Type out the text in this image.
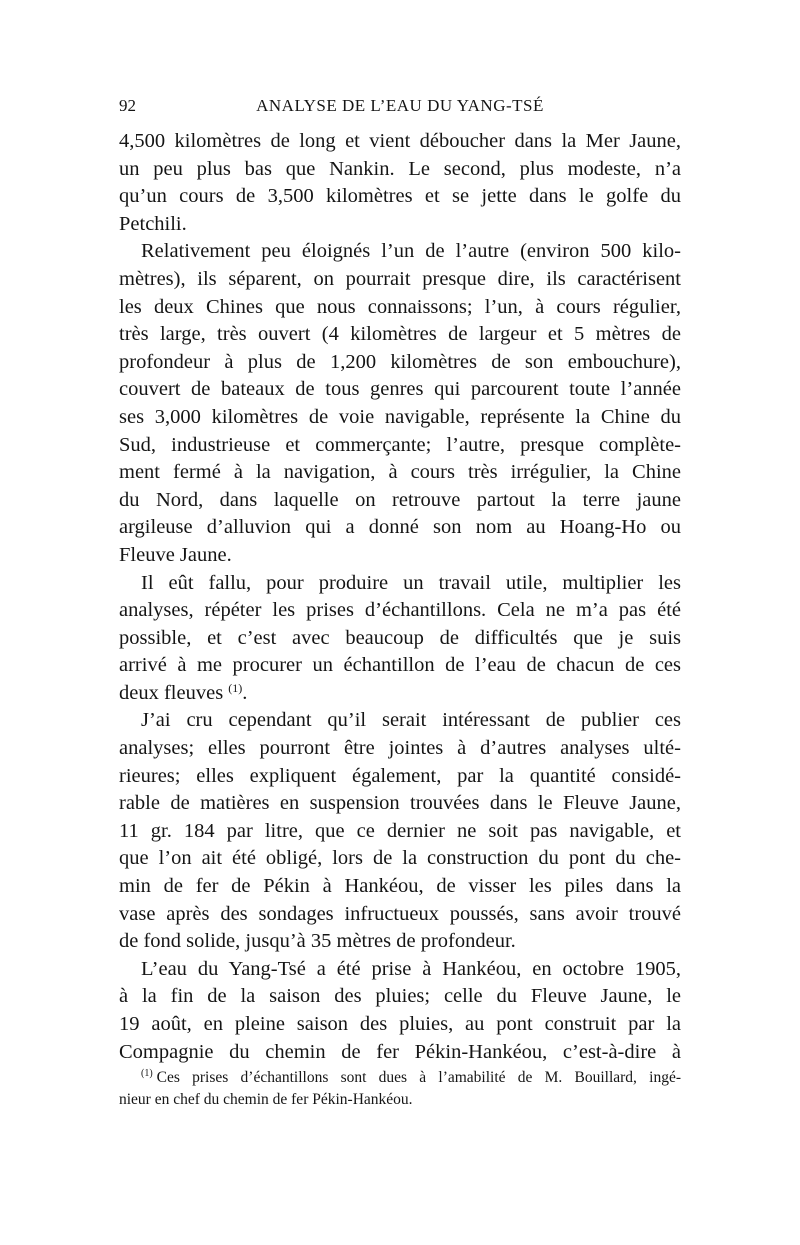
92	ANALYSE DE L’EAU DU YANG-TSÉ
4,500 kilomètres de long et vient déboucher dans la Mer Jaune,
un peu plus bas que Nankin. Le second, plus modeste, n’a
qu’un cours de 3,500 kilomètres et se jette dans le golfe du
Petchili.
Relativement peu éloignés l’un de l’autre (environ 500 kilo-
mètres), ils séparent, on pourrait presque dire, ils caractérisent
les deux Chines que nous connaissons; l’un, à cours régulier,
très large, très ouvert (4 kilomètres de largeur et 5 mètres de
profondeur à plus de 1,200 kilomètres de son embouchure),
couvert de bateaux de tous genres qui parcourent toute l’année
ses 3,000 kilomètres de voie navigable, représente la Chine du
Sud, industrieuse et commerçante; l’autre, presque complète-
ment fermé à la navigation, à cours très irrégulier, la Chine
du Nord, dans laquelle on retrouve partout la terre jaune
argileuse d’alluvion qui a donné son nom au Hoang-Ho ou
Fleuve Jaune.
Il eût fallu, pour produire un travail utile, multiplier les
analyses, répéter les prises d’échantillons. Cela ne m’a pas été
possible, et c’est avec beaucoup de difficultés que je suis
arrivé à me procurer un échantillon de l’eau de chacun de ces
deux fleuves $^{(1)}$.
J’ai cru cependant qu’il serait intéressant de publier ces
analyses; elles pourront être jointes à d’autres analyses ulté-
rieures; elles expliquent également, par la quantité considé-
rable de matières en suspension trouvées dans le Fleuve Jaune,
11 gr. 184 par litre, que ce dernier ne soit pas navigable, et
que l’on ait été obligé, lors de la construction du pont du che-
min de fer de Pékin à Hankéou, de visser les piles dans la
vase après des sondages infructueux poussés, sans avoir trouvé
de fond solide, jusqu’à 35 mètres de profondeur.
L’eau du Yang-Tsé a été prise à Hankéou, en octobre 1905,
à la fin de la saison des pluies; celle du Fleuve Jaune, le
19 août, en pleine saison des pluies, au pont construit par la
Compagnie du chemin de fer Pékin-Hankéou, c’est-à-dire à
$^{(1)}$ Ces prises d’échantillons sont dues à l’amabilité de M. Bouillard, ingé-
nieur en chef du chemin de fer Pékin-Hankéou.
